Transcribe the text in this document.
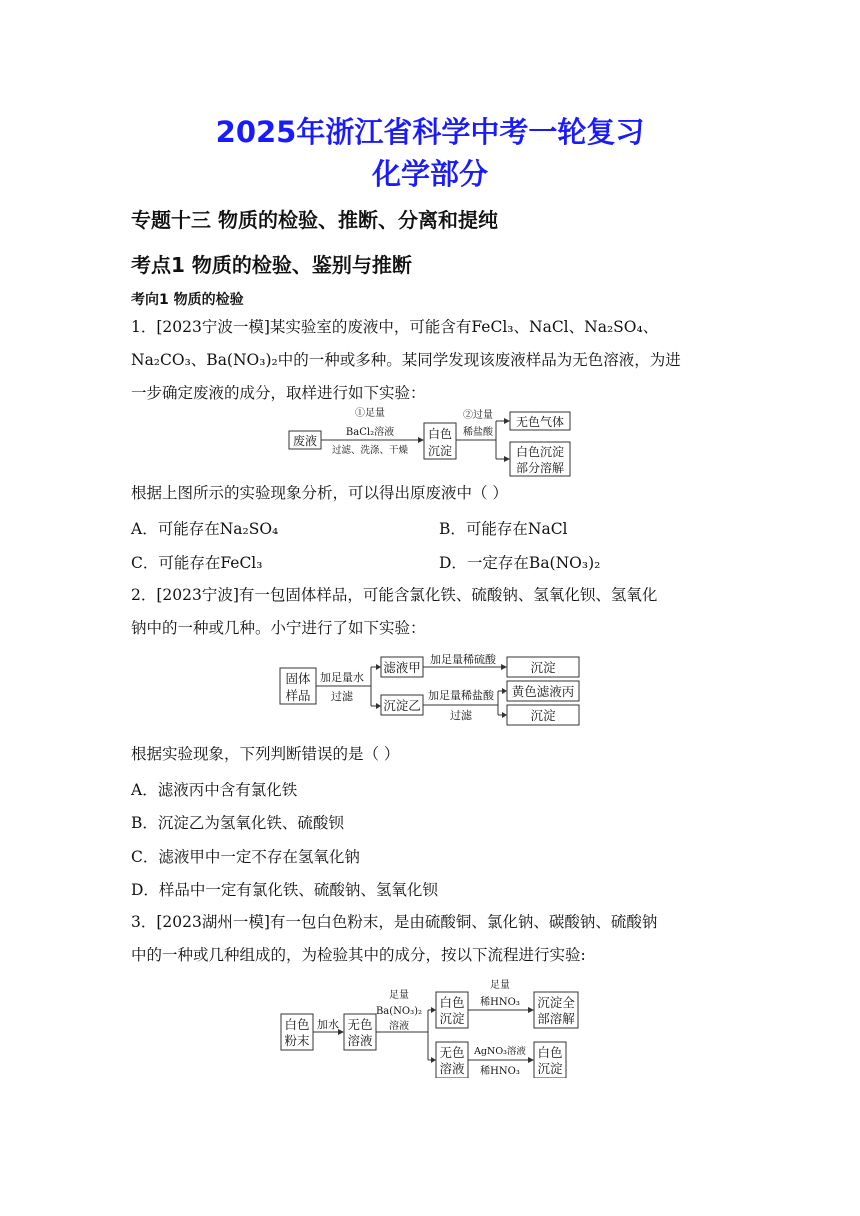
2025年浙江省科学中考一轮复习
化学部分
专题十三 物质的检验、推断、分离和提纯
考点1 物质的检验、鉴别与推断
考向1 物质的检验
1．[2023宁波一模]某实验室的废液中，可能含有FeCl₃、NaCl、Na₂SO₄、
Na₂CO₃、Ba(NO₃)₂中的一种或多种。某同学发现该废液样品为无色溶液，为进
一步确定废液的成分，取样进行如下实验：
废液
①足量
BaCl₂溶液
过滤、洗涤、干燥
白色
沉淀
②过量
稀盐酸
无色气体
白色沉淀
部分溶解
根据上图所示的实验现象分析，可以得出原废液中（ ）
A．可能存在Na₂SO₄	B．可能存在NaCl
C．可能存在FeCl₃	D．一定存在Ba(NO₃)₂
2．[2023宁波]有一包固体样品，可能含氯化铁、硫酸钠、氢氧化钡、氢氧化
钠中的一种或几种。小宁进行了如下实验：
固体
样品
加足量水
过滤
滤液甲
加足量稀硫酸
沉淀
沉淀乙
加足量稀盐酸
过滤
黄色滤液丙
沉淀
根据实验现象，下列判断错误的是（ ）
A．滤液丙中含有氯化铁
B．沉淀乙为氢氧化铁、硫酸钡
C．滤液甲中一定不存在氢氧化钠
D．样品中一定有氯化铁、硫酸钠、氢氧化钡
3．[2023湖州一模]有一包白色粉末，是由硫酸铜、氯化钠、碳酸钠、硫酸钠
中的一种或几种组成的，为检验其中的成分，按以下流程进行实验:
白色
粉末
加水 无色
溶液
足量
Ba(NO₃)₂
溶液
白色
沉淀
足量
稀HNO₃ 沉淀全
部溶解
无色
溶液
AgNO₃溶液
稀HNO₃
白色
沉淀
